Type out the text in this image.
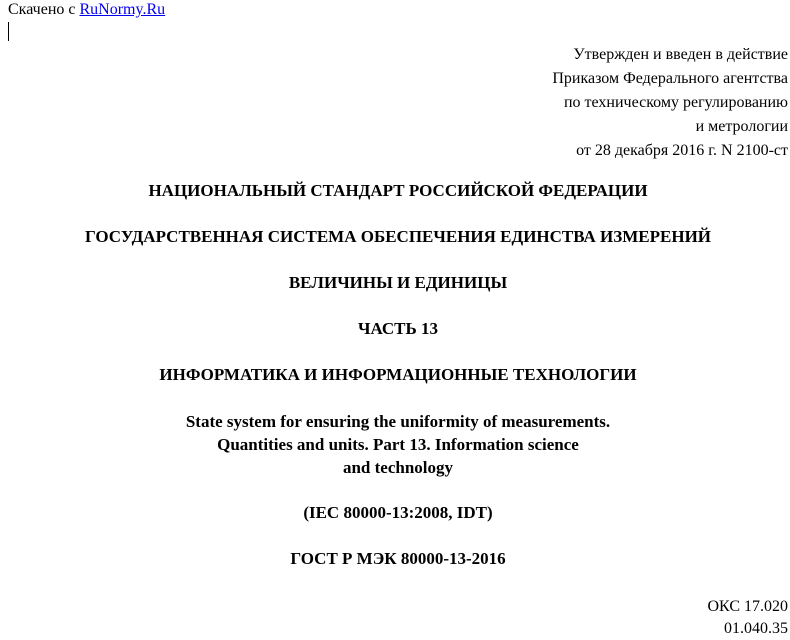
Скачено с RuNormy.Ru
Утвержден и введен в действие
Приказом Федерального агентства
по техническому регулированию
и метрологии
от 28 декабря 2016 г. N 2100-ст
НАЦИОНАЛЬНЫЙ СТАНДАРТ РОССИЙСКОЙ ФЕДЕРАЦИИ
ГОСУДАРСТВЕННАЯ СИСТЕМА ОБЕСПЕЧЕНИЯ ЕДИНСТВА ИЗМЕРЕНИЙ
ВЕЛИЧИНЫ И ЕДИНИЦЫ
ЧАСТЬ 13
ИНФОРМАТИКА И ИНФОРМАЦИОННЫЕ ТЕХНОЛОГИИ
State system for ensuring the uniformity of measurements.
Quantities and units. Part 13. Information science
and technology
(IEC 80000-13:2008, IDT)
ГОСТ Р МЭК 80000-13-2016
ОКС 17.020
01.040.35
